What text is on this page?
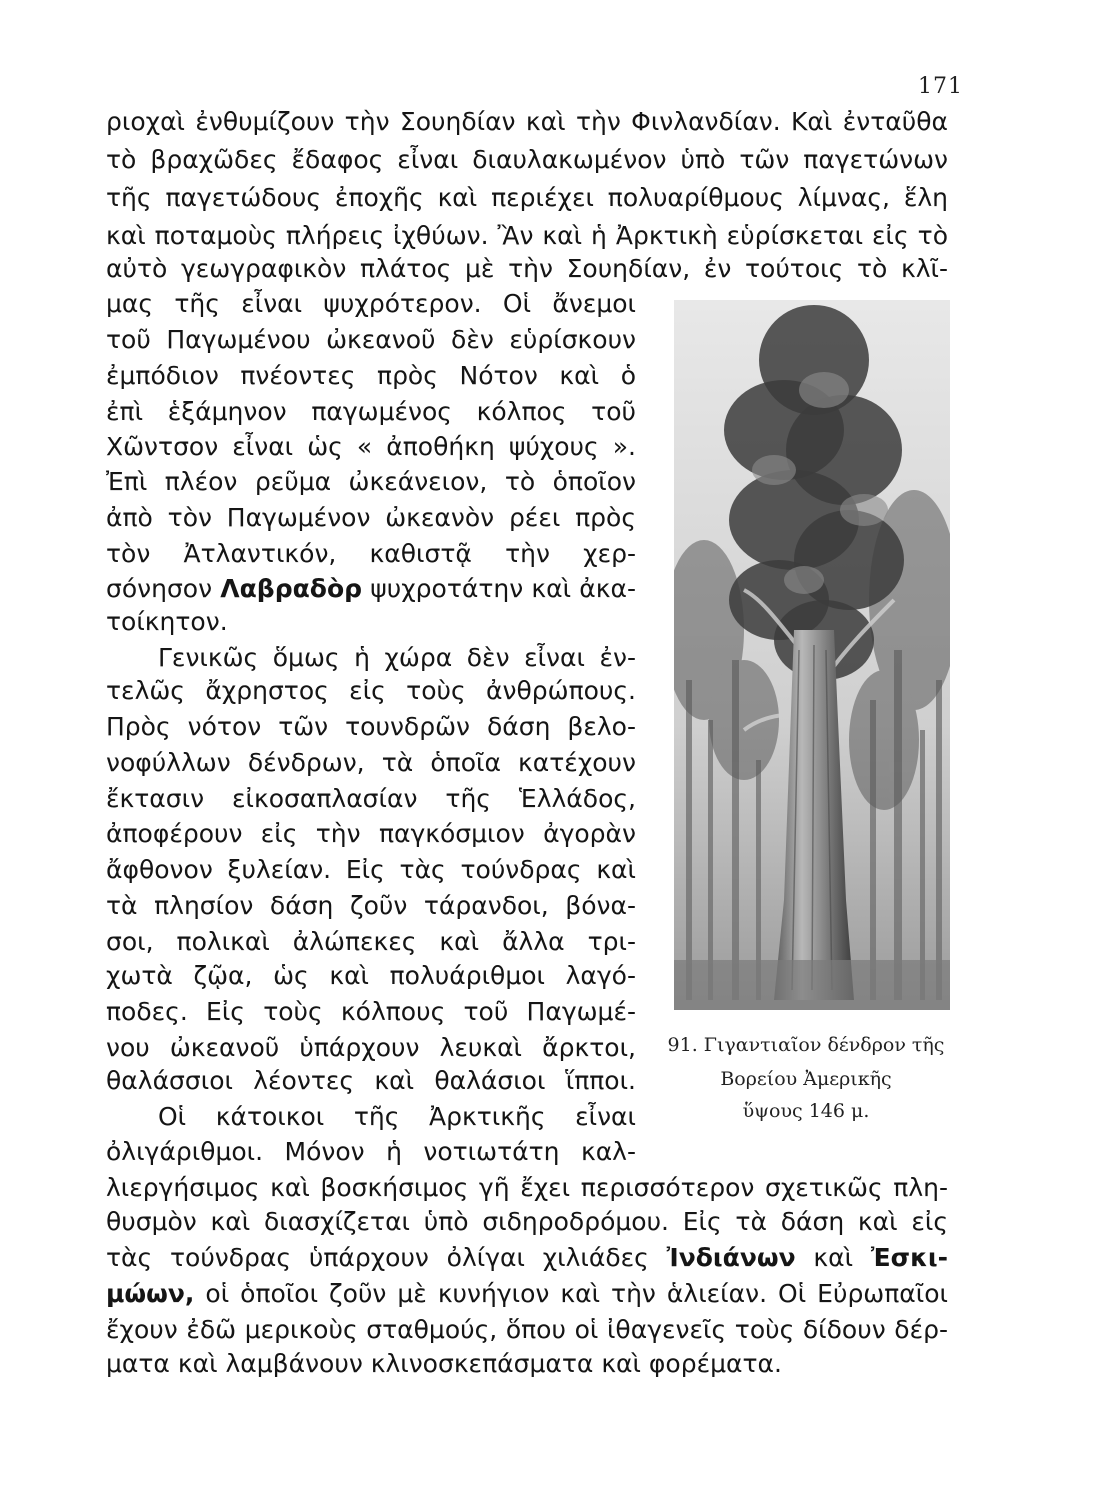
171
ριοχαὶ ἐνθυμίζουν τὴν Σουηδίαν καὶ τὴν Φινλανδίαν. Καὶ ἐνταῦθα
τὸ βραχῶδες ἔδαφος εἶναι διαυλακωμένον ὑπὸ τῶν παγετώνων
τῆς παγετώδους ἐποχῆς καὶ περιέχει πολυαρίθμους λίμνας, ἕλη
καὶ ποταμοὺς πλήρεις ἰχθύων. Ἂν καὶ ἡ Ἀρκτικὴ εὑρίσκεται εἰς τὸ
αὐτὸ γεωγραφικὸν πλάτος μὲ τὴν Σουηδίαν, ἐν τούτοις τὸ κλῖ-
μας τῆς εἶναι ψυχρότερον. Οἱ ἄνεμοι
τοῦ Παγωμένου ὠκεανοῦ δὲν εὑρίσκουν
ἐμπόδιον πνέοντες πρὸς Νότον καὶ ὁ
ἐπὶ ἑξάμηνον παγωμένος κόλπος τοῦ
Χῶντσον εἶναι ὡς « ἀποθήκη ψύχους ».
Ἐπὶ πλέον ρεῦμα ὠκεάνειον, τὸ ὁποῖον
ἀπὸ τὸν Παγωμένον ὠκεανὸν ρέει πρὸς
τὸν Ἀτλαντικόν, καθιστᾷ τὴν χερ-
σόνησον Λαβραδὸρ ψυχροτάτην καὶ ἀκα-
τοίκητον.
Γενικῶς ὅμως ἡ χώρα δὲν εἶναι ἐν-
τελῶς ἄχρηστος εἰς τοὺς ἀνθρώπους.
Πρὸς νότον τῶν τουνδρῶν δάση βελο-
νοφύλλων δένδρων, τὰ ὁποῖα κατέχουν
ἔκτασιν εἰκοσαπλασίαν τῆς Ἑλλάδος,
ἀποφέρουν εἰς τὴν παγκόσμιον ἀγορὰν
ἄφθονον ξυλείαν. Εἰς τὰς τούνδρας καὶ
τὰ πλησίον δάση ζοῦν τάρανδοι, βόνα-
σοι, πολικαὶ ἀλώπεκες καὶ ἄλλα τρι-
χωτὰ ζῷα, ὡς καὶ πολυάριθμοι λαγό-
ποδες. Εἰς τοὺς κόλπους τοῦ Παγωμέ-
νου ὠκεανοῦ ὑπάρχουν λευκαὶ ἄρκτοι,
θαλάσσιοι λέοντες καὶ θαλάσιοι ἵπποι.
Οἱ κάτοικοι τῆς Ἀρκτικῆς εἶναι
ὀλιγάριθμοι. Μόνον ἡ νοτιωτάτη καλ-
λιεργήσιμος καὶ βοσκήσιμος γῆ ἔχει περισσότερον σχετικῶς πλη-
θυσμὸν καὶ διασχίζεται ὑπὸ σιδηροδρόμου. Εἰς τὰ δάση καὶ εἰς
τὰς τούνδρας ὑπάρχουν ὀλίγαι χιλιάδες Ἰνδιάνων καὶ Ἐσκι-
μώων, οἱ ὁποῖοι ζοῦν μὲ κυνήγιον καὶ τὴν ἁλιείαν. Οἱ Εὐρωπαῖοι
ἔχουν ἐδῶ μερικοὺς σταθμούς, ὅπου οἱ ἰθαγενεῖς τοὺς δίδουν δέρ-
ματα καὶ λαμβάνουν κλινοσκεπάσματα καὶ φορέματα.
91. Γιγαντιαῖον δένδρον τῆς
Βορείου Ἀμερικῆς
ὕψους 146 μ.
